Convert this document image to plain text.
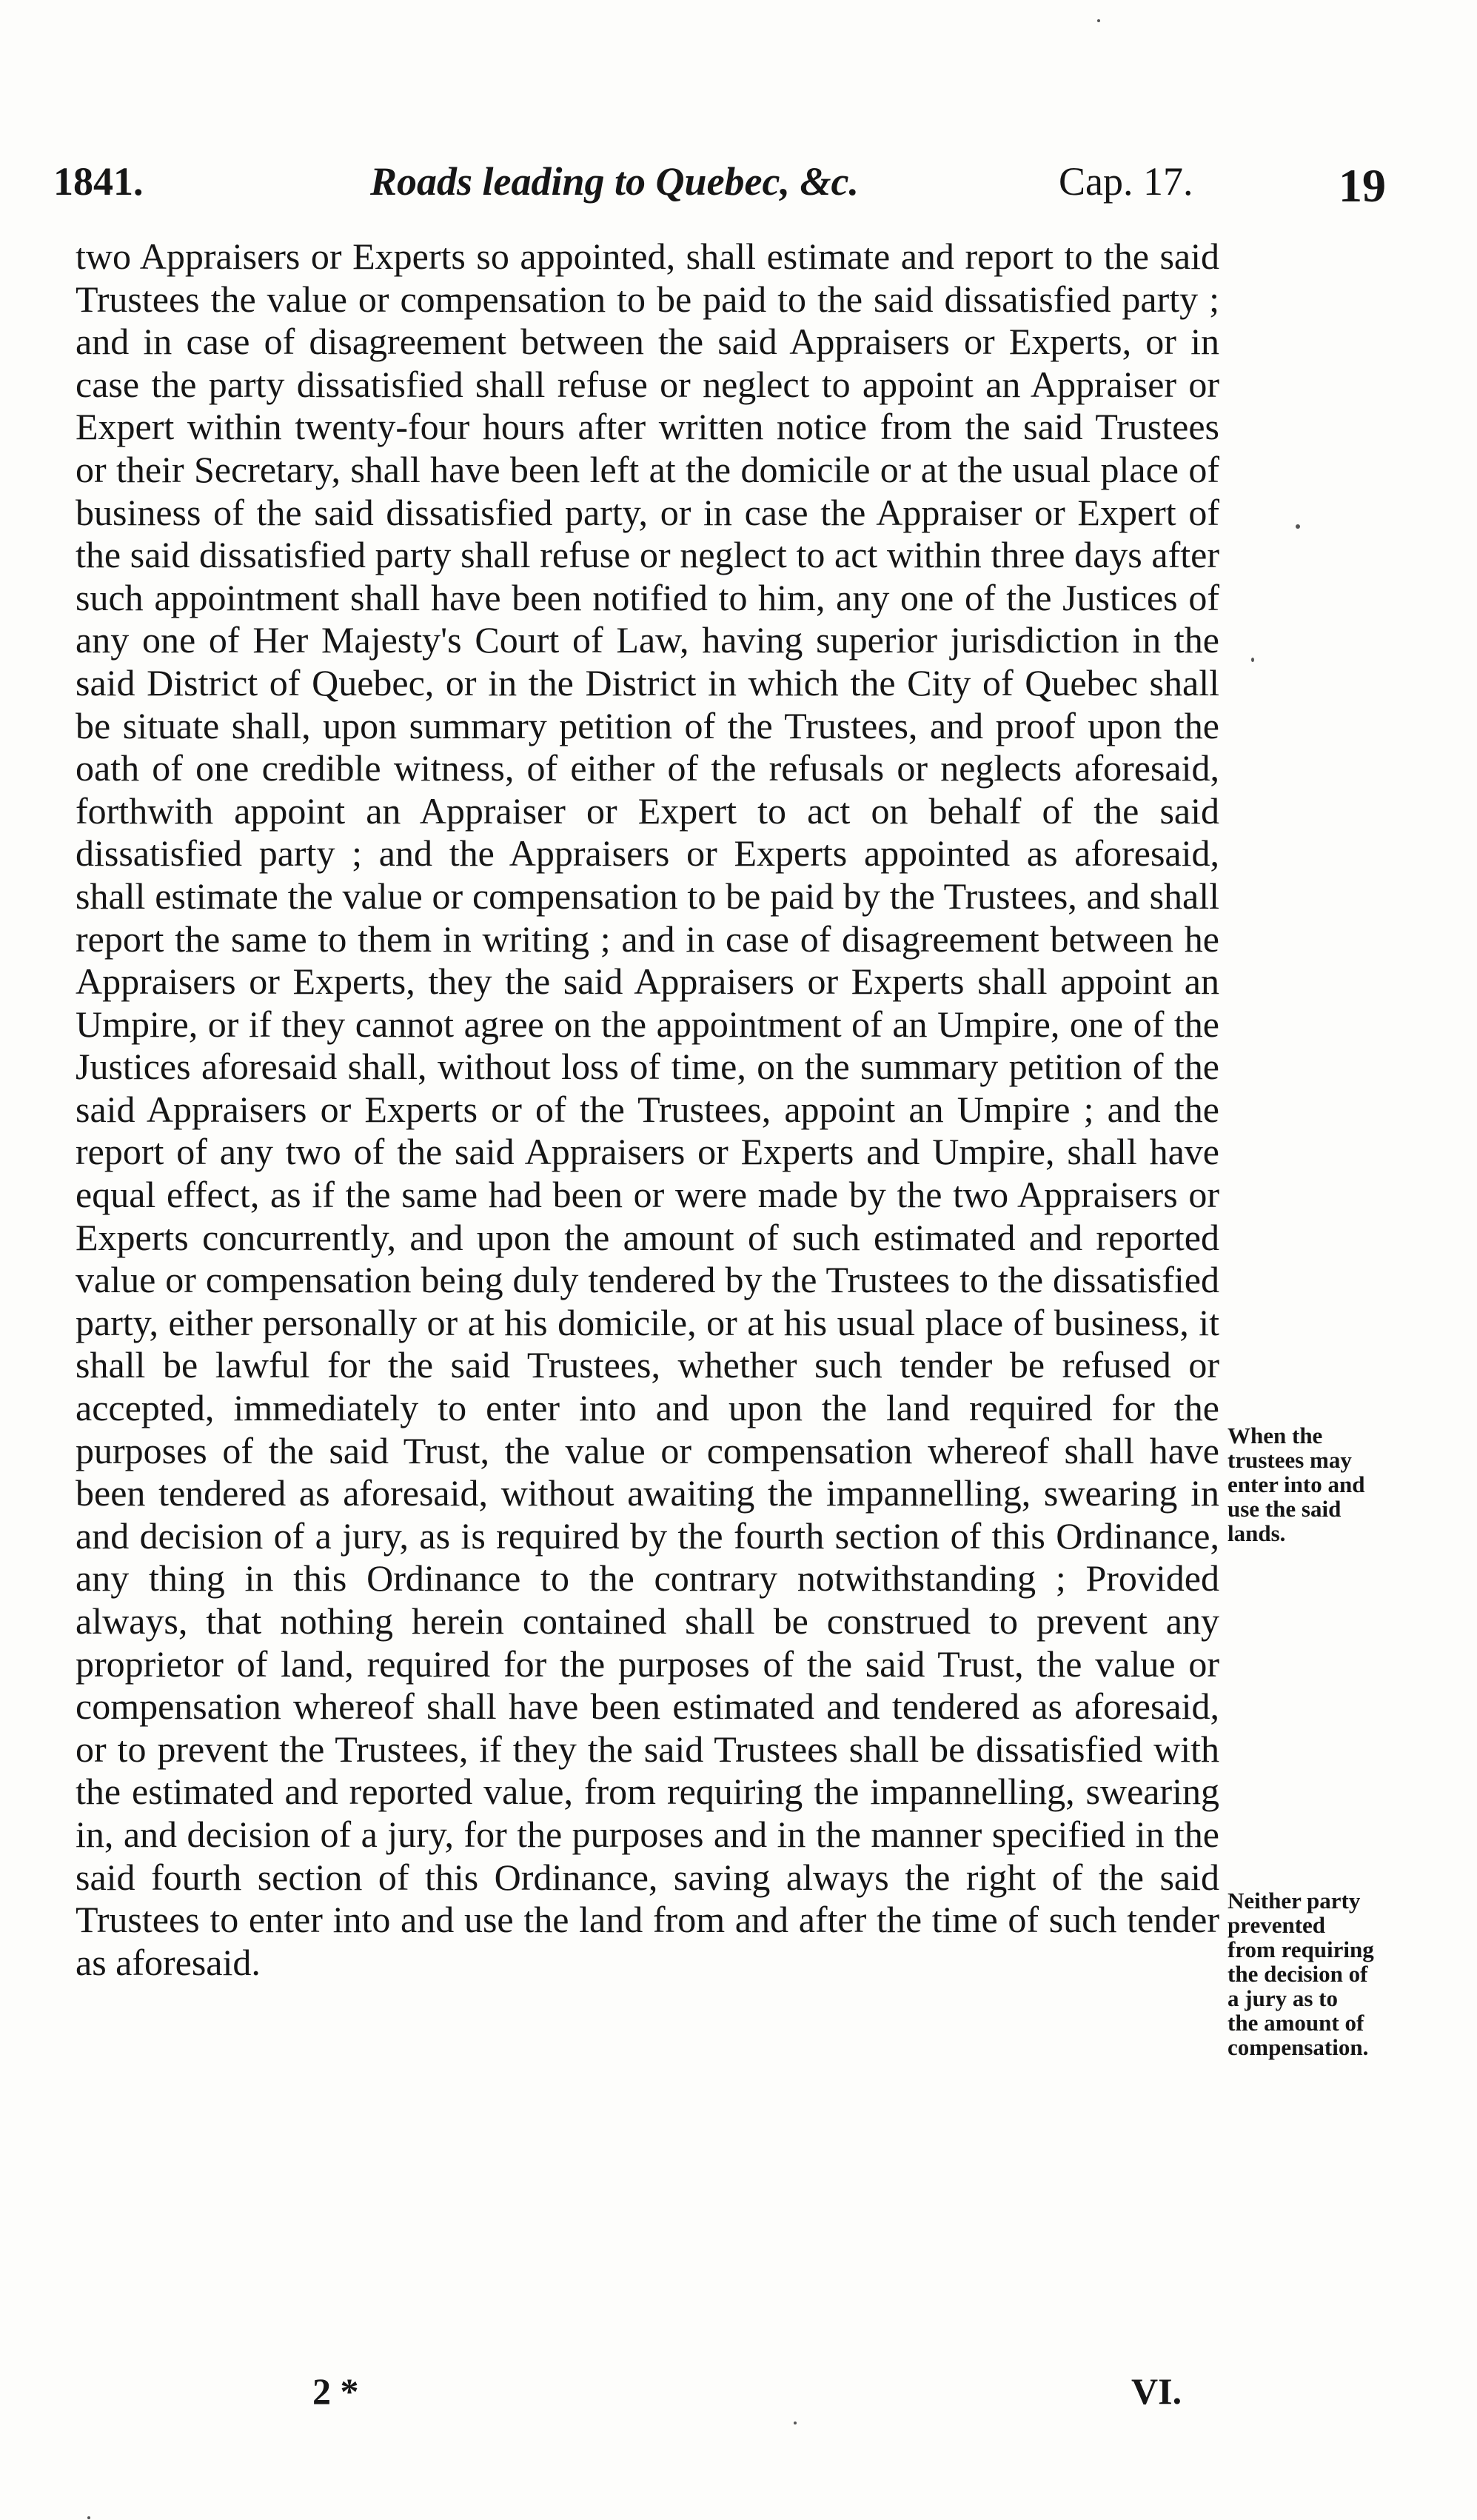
1841.	Roads leading to Quebec, &c.	Cap. 17.	19

two Appraisers or Experts so appointed, shall estimate and report to the said Trustees the value or compensation to be paid to the said dissatisfied party ; and in case of disagreement between the said Appraisers or Experts, or in case the party dissatisfied shall refuse or neglect to appoint an Appraiser or Expert within twenty-four hours after written notice from the said Trustees or their Secretary, shall have been left at the domicile or at the usual place of business of the said dissatisfied party, or in case the Appraiser or Expert of the said dissatisfied party shall refuse or neglect to act within three days after such appointment shall have been notified to him, any one of the Justices of any one of Her Majesty's Court of Law, having superior jurisdiction in the said District of Quebec, or in the District in which the City of Quebec shall be situate shall, upon summary petition of the Trustees, and proof upon the oath of one credible witness, of either of the refusals or neglects aforesaid, forthwith appoint an Appraiser or Expert to act on behalf of the said dissatisfied party ; and the Appraisers or Experts appointed as aforesaid, shall estimate the value or compensation to be paid by the Trustees, and shall report the same to them in writing ; and in case of disagreement between he Appraisers or Experts, they the said Appraisers or Experts shall appoint an Umpire, or if they cannot agree on the appointment of an Umpire, one of the Justices aforesaid shall, without loss of time, on the summary petition of the said Appraisers or Experts or of the Trustees, appoint an Umpire ; and the report of any two of the said Appraisers or Experts and Umpire, shall have equal effect, as if the same had been or were made by the two Appraisers or Experts concurrently, and upon the amount of such estimated and reported value or compensation being duly tendered by the Trustees to the dissatisfied party, either personally or at his domicile, or at his usual place of business, it shall be lawful for the said Trustees, whether such tender be refused or accepted, immediately to enter into and upon the land required for the purposes of the said Trust, the value or compensation whereof shall have been tendered as aforesaid, without awaiting the impannelling, swearing in and decision of a jury, as is required by the fourth section of this Ordinance, any thing in this Ordinance to the contrary notwithstanding ; Provided always, that nothing herein contained shall be construed to prevent any proprietor of land, required for the purposes of the said Trust, the value or compensation whereof shall have been estimated and tendered as aforesaid, or to prevent the Trustees, if they the said Trustees shall be dissatisfied with the estimated and reported value, from requiring the impannelling, swearing in, and decision of a jury, for the purposes and in the manner specified in the said fourth section of this Ordinance, saving always the right of the said Trustees to enter into and use the land from and after the time of such tender as aforesaid.

When the
trustees may
enter into and
use the said
lands.
Neither party
prevented
from requiring
the decision of
a jury as to
the amount of
compensation.
2 *	VI.
